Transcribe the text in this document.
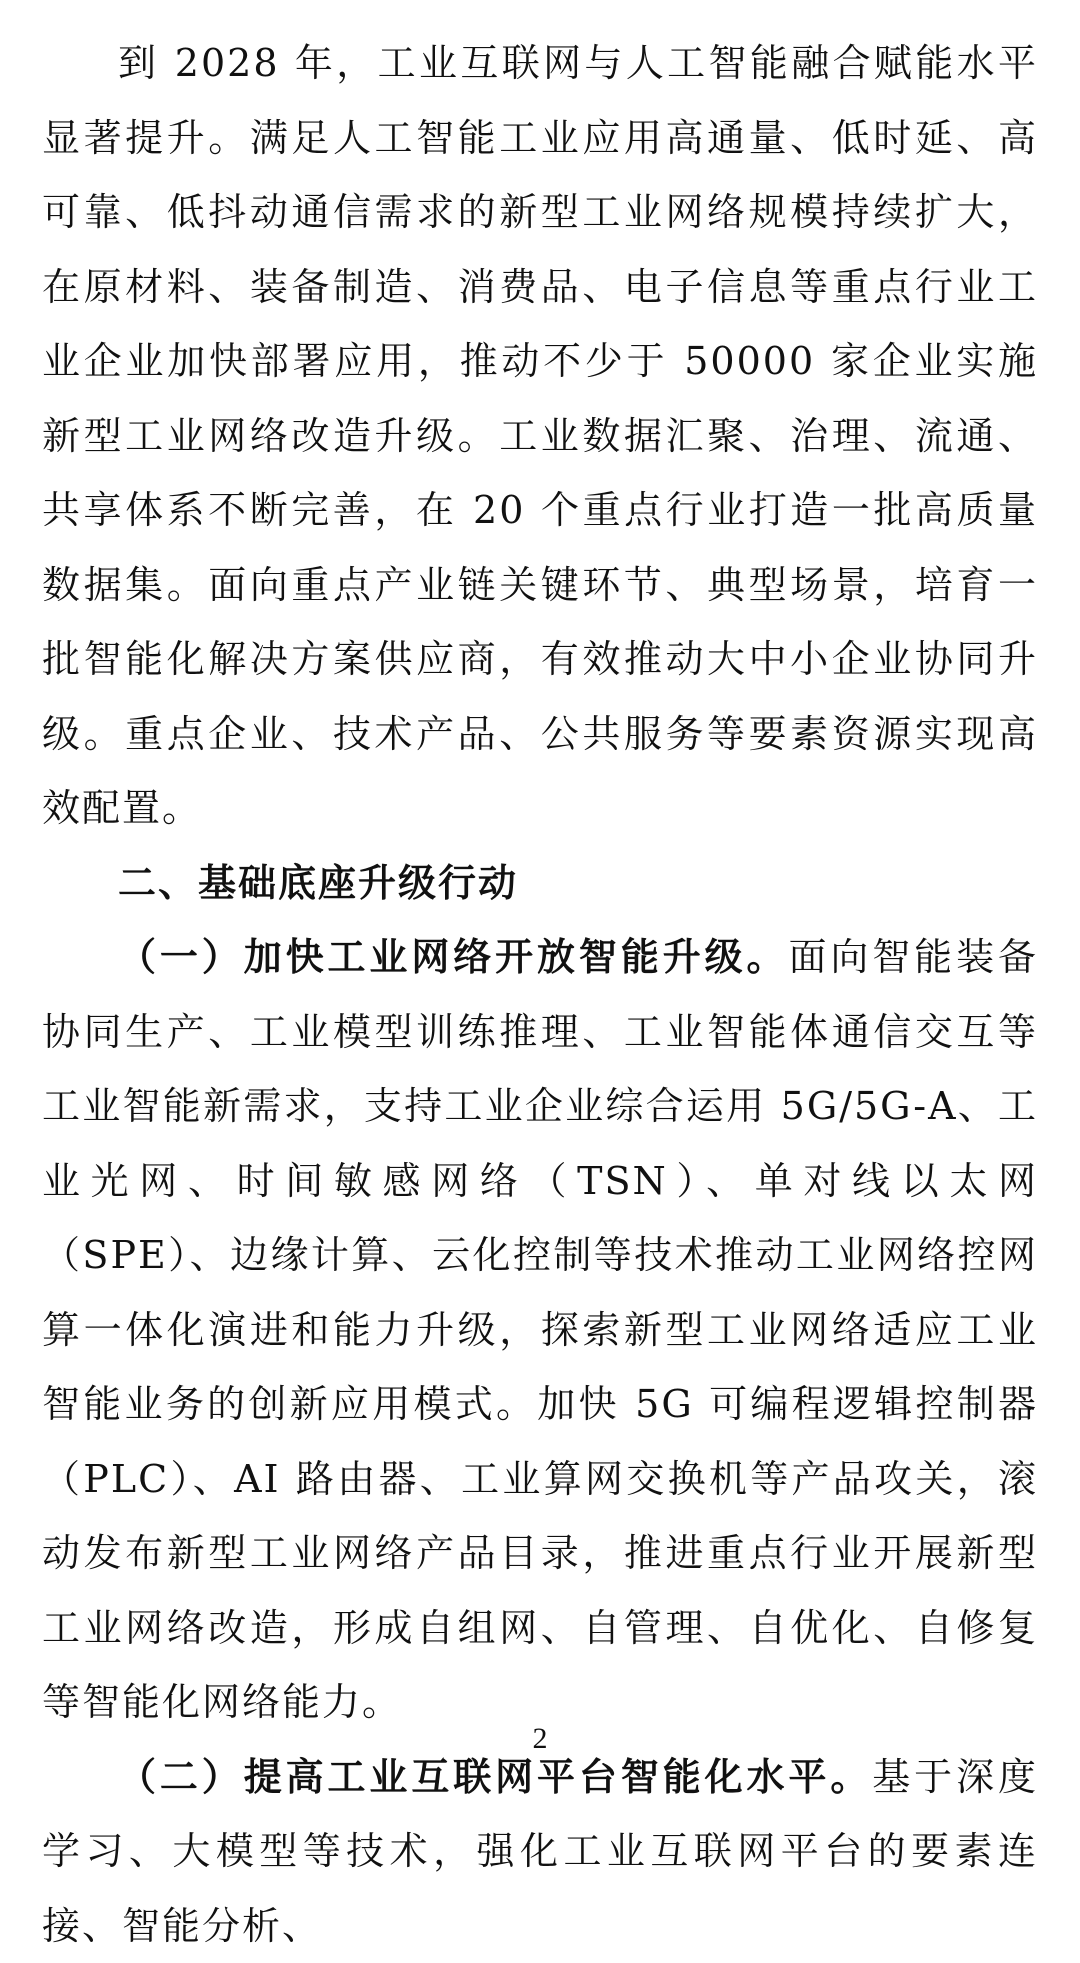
到 2028 年，工业互联网与人工智能融合赋能水平显著提升。满足人工智能工业应用高通量、低时延、高可靠、低抖动通信需求的新型工业网络规模持续扩大，在原材料、装备制造、消费品、电子信息等重点行业工业企业加快部署应用，推动不少于 50000 家企业实施新型工业网络改造升级。工业数据汇聚、治理、流通、共享体系不断完善，在 20 个重点行业打造一批高质量数据集。面向重点产业链关键环节、典型场景，培育一批智能化解决方案供应商，有效推动大中小企业协同升级。重点企业、技术产品、公共服务等要素资源实现高效配置。

二、基础底座升级行动

（一）加快工业网络开放智能升级。面向智能装备协同生产、工业模型训练推理、工业智能体通信交互等工业智能新需求，支持工业企业综合运用 5G/5G-A、工业光网、时间敏感网络（TSN）、单对线以太网（SPE）、边缘计算、云化控制等技术推动工业网络控网算一体化演进和能力升级，探索新型工业网络适应工业智能业务的创新应用模式。加快 5G 可编程逻辑控制器（PLC）、AI 路由器、工业算网交换机等产品攻关，滚动发布新型工业网络产品目录，推进重点行业开展新型工业网络改造，形成自组网、自管理、自优化、自修复等智能化网络能力。

（二）提高工业互联网平台智能化水平。基于深度学习、大模型等技术，强化工业互联网平台的要素连接、智能分析、

2
